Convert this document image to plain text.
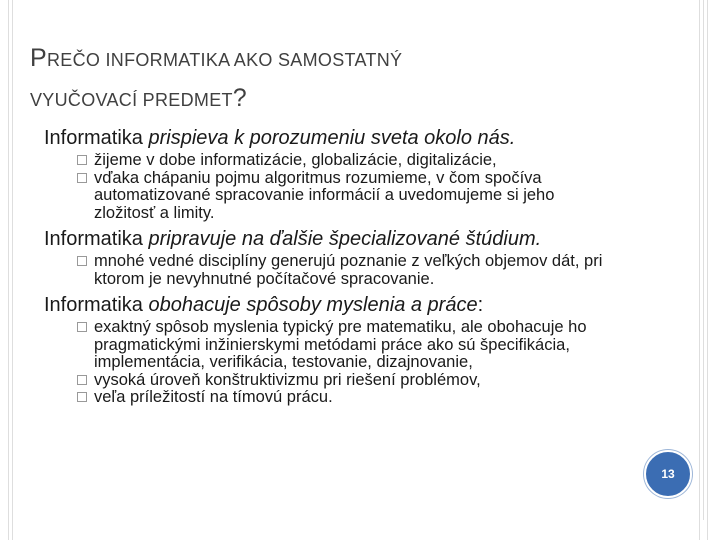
PREČO INFORMATIKA AKO SAMOSTATNÝ
VYUČOVACÍ PREDMET?

Informatika prispieva k porozumeniu sveta okolo nás.

žijeme v dobe informatizácie, globalizácie, digitalizácie,

vďaka chápaniu pojmu algoritmus rozumieme, v čom spočíva automatizované spracovanie informácií a uvedomujeme si jeho zložitosť a limity.

Informatika pripravuje na ďalšie špecializované štúdium.

mnohé vedné disciplíny generujú poznanie z veľkých objemov dát, pri ktorom je nevyhnutné počítačové spracovanie.

Informatika obohacuje spôsoby myslenia a práce:

exaktný spôsob myslenia typický pre matematiku, ale obohacuje ho pragmatickými inžinierskymi metódami práce ako sú špecifikácia, implementácia, verifikácia, testovanie, dizajnovanie,

vysoká úroveň konštruktivizmu pri riešení problémov,

veľa príležitostí na tímovú prácu.

13
